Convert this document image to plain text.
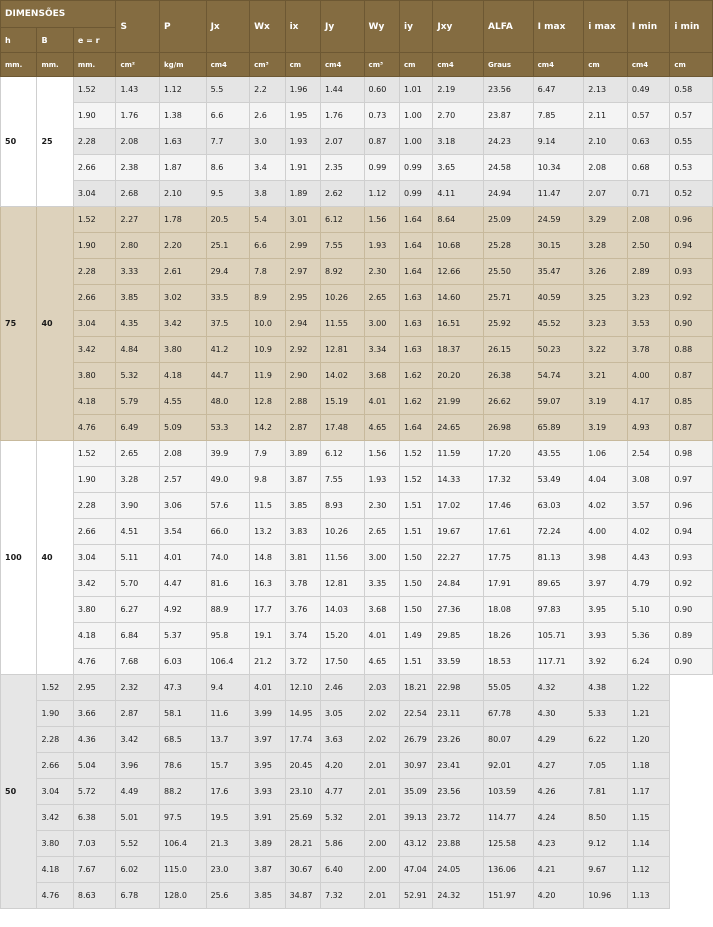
DIMENSÕES			S	P	Jx	Wx	ix	Jy	Wy	iy	Jxy	ALFA	I max	i max	I min	i min
h	B	e = r														
mm.	mm.	mm.	cm²	kg/m	cm4	cm³	cm	cm4	cm³	cm	cm4	Graus	cm4	cm	cm4	cm
50	25	1.52	1.43	1.12	5.5	2.2	1.96	1.44	0.60	1.01	2.19	23.56	6.47	2.13	0.49	0.58
		1.90	1.76	1.38	6.6	2.6	1.95	1.76	0.73	1.00	2.70	23.87	7.85	2.11	0.57	0.57
		2.28	2.08	1.63	7.7	3.0	1.93	2.07	0.87	1.00	3.18	24.23	9.14	2.10	0.63	0.55
		2.66	2.38	1.87	8.6	3.4	1.91	2.35	0.99	0.99	3.65	24.58	10.34	2.08	0.68	0.53
		3.04	2.68	2.10	9.5	3.8	1.89	2.62	1.12	0.99	4.11	24.94	11.47	2.07	0.71	0.52
75	40	1.52	2.27	1.78	20.5	5.4	3.01	6.12	1.56	1.64	8.64	25.09	24.59	3.29	2.08	0.96
		1.90	2.80	2.20	25.1	6.6	2.99	7.55	1.93	1.64	10.68	25.28	30.15	3.28	2.50	0.94
		2.28	3.33	2.61	29.4	7.8	2.97	8.92	2.30	1.64	12.66	25.50	35.47	3.26	2.89	0.93
		2.66	3.85	3.02	33.5	8.9	2.95	10.26	2.65	1.63	14.60	25.71	40.59	3.25	3.23	0.92
		3.04	4.35	3.42	37.5	10.0	2.94	11.55	3.00	1.63	16.51	25.92	45.52	3.23	3.53	0.90
		3.42	4.84	3.80	41.2	10.9	2.92	12.81	3.34	1.63	18.37	26.15	50.23	3.22	3.78	0.88
		3.80	5.32	4.18	44.7	11.9	2.90	14.02	3.68	1.62	20.20	26.38	54.74	3.21	4.00	0.87
		4.18	5.79	4.55	48.0	12.8	2.88	15.19	4.01	1.62	21.99	26.62	59.07	3.19	4.17	0.85
		4.76	6.49	5.09	53.3	14.2	2.87	17.48	4.65	1.64	24.65	26.98	65.89	3.19	4.93	0.87
100	40	1.52	2.65	2.08	39.9	7.9	3.89	6.12	1.56	1.52	11.59	17.20	43.55	1.06	2.54	0.98
		1.90	3.28	2.57	49.0	9.8	3.87	7.55	1.93	1.52	14.33	17.32	53.49	4.04	3.08	0.97
		2.28	3.90	3.06	57.6	11.5	3.85	8.93	2.30	1.51	17.02	17.46	63.03	4.02	3.57	0.96
		2.66	4.51	3.54	66.0	13.2	3.83	10.26	2.65	1.51	19.67	17.61	72.24	4.00	4.02	0.94
		3.04	5.11	4.01	74.0	14.8	3.81	11.56	3.00	1.50	22.27	17.75	81.13	3.98	4.43	0.93
		3.42	5.70	4.47	81.6	16.3	3.78	12.81	3.35	1.50	24.84	17.91	89.65	3.97	4.79	0.92
		3.80	6.27	4.92	88.9	17.7	3.76	14.03	3.68	1.50	27.36	18.08	97.83	3.95	5.10	0.90
		4.18	6.84	5.37	95.8	19.1	3.74	15.20	4.01	1.49	29.85	18.26	105.71	3.93	5.36	0.89
		4.76	7.68	6.03	106.4	21.2	3.72	17.50	4.65	1.51	33.59	18.53	117.71	3.92	6.24	0.90
50	1.52	2.95	2.32	47.3	9.4	4.01	12.10	2.46	2.03	18.21	22.98	55.05	4.32	4.38	1.22	
	1.90	3.66	2.87	58.1	11.6	3.99	14.95	3.05	2.02	22.54	23.11	67.78	4.30	5.33	1.21	
	2.28	4.36	3.42	68.5	13.7	3.97	17.74	3.63	2.02	26.79	23.26	80.07	4.29	6.22	1.20	
	2.66	5.04	3.96	78.6	15.7	3.95	20.45	4.20	2.01	30.97	23.41	92.01	4.27	7.05	1.18	
	3.04	5.72	4.49	88.2	17.6	3.93	23.10	4.77	2.01	35.09	23.56	103.59	4.26	7.81	1.17	
	3.42	6.38	5.01	97.5	19.5	3.91	25.69	5.32	2.01	39.13	23.72	114.77	4.24	8.50	1.15	
	3.80	7.03	5.52	106.4	21.3	3.89	28.21	5.86	2.00	43.12	23.88	125.58	4.23	9.12	1.14	
	4.18	7.67	6.02	115.0	23.0	3.87	30.67	6.40	2.00	47.04	24.05	136.06	4.21	9.67	1.12	
	4.76	8.63	6.78	128.0	25.6	3.85	34.87	7.32	2.01	52.91	24.32	151.97	4.20	10.96	1.13	
